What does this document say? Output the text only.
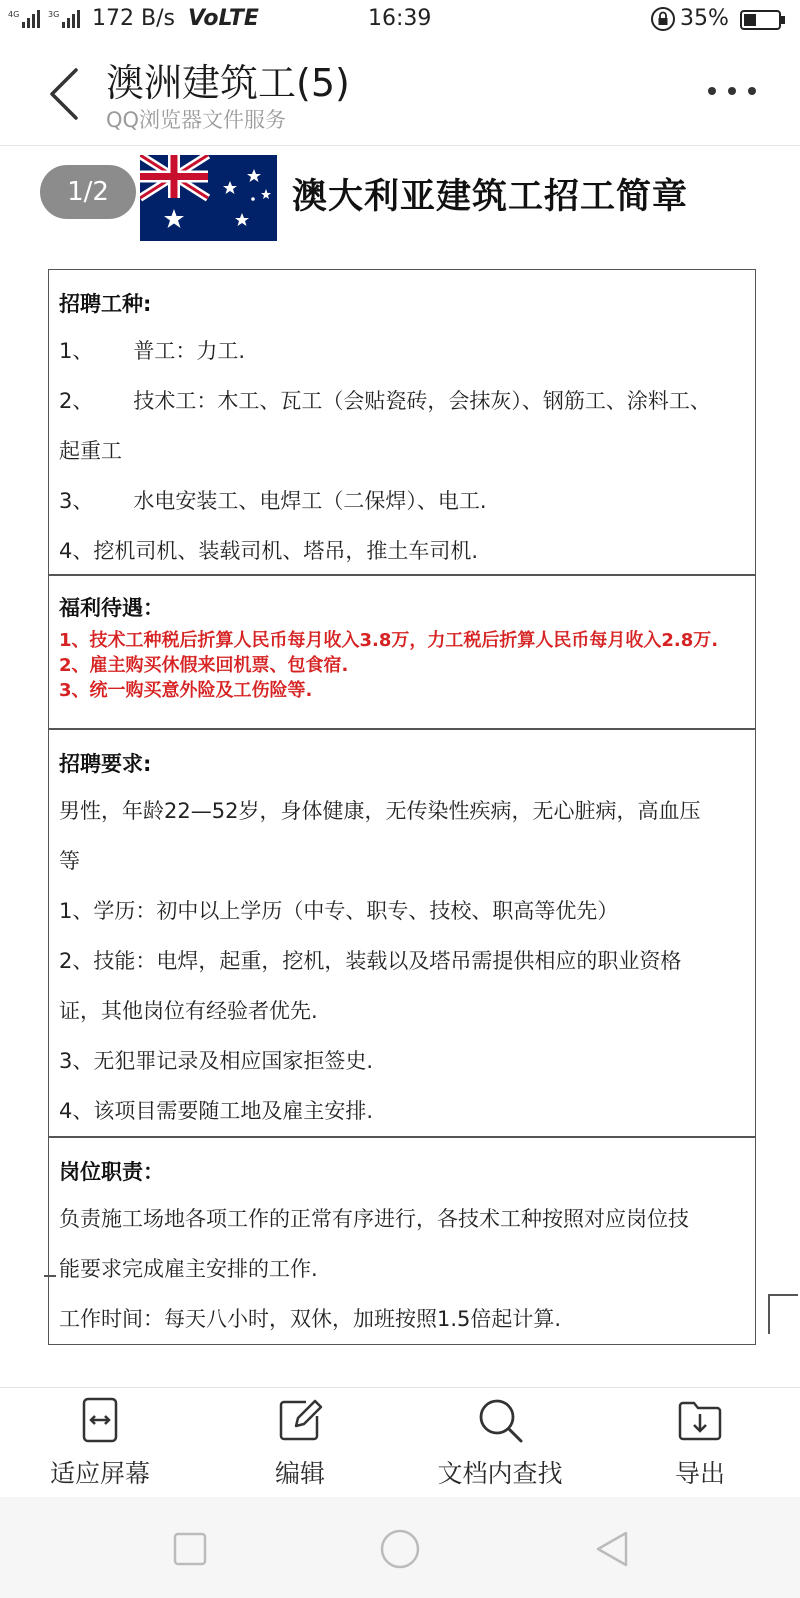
4G	3G 172 B/s VoLTE	16:39	35%
澳洲建筑工(5)
QQ浏览器文件服务
1/2	澳大利亚建筑工招工简章
招聘工种:
1、 普工：力工.
2、 技术工：木工、瓦工（会贴瓷砖，会抹灰）、钢筋工、涂料工、
起重工
3、 水电安装工、电焊工（二保焊）、电工.
4、挖机司机、装载司机、塔吊，推土车司机.
福利待遇：
1、技术工种税后折算人民币每月收入3.8万，力工税后折算人民币每月收入2.8万.
2、雇主购买休假来回机票、包食宿.
3、统一购买意外险及工伤险等.
招聘要求:
男性，年龄22—52岁，身体健康，无传染性疾病，无心脏病，高血压
等
1、学历：初中以上学历（中专、职专、技校、职高等优先）
2、技能：电焊，起重，挖机，装载以及塔吊需提供相应的职业资格
证，其他岗位有经验者优先.
3、无犯罪记录及相应国家拒签史.
4、该项目需要随工地及雇主安排.
岗位职责：
负责施工场地各项工作的正常有序进行，各技术工种按照对应岗位技
能要求完成雇主安排的工作.
工作时间：每天八小时，双休，加班按照1.5倍起计算.
适应屏幕	编辑	文档内查找	导出
